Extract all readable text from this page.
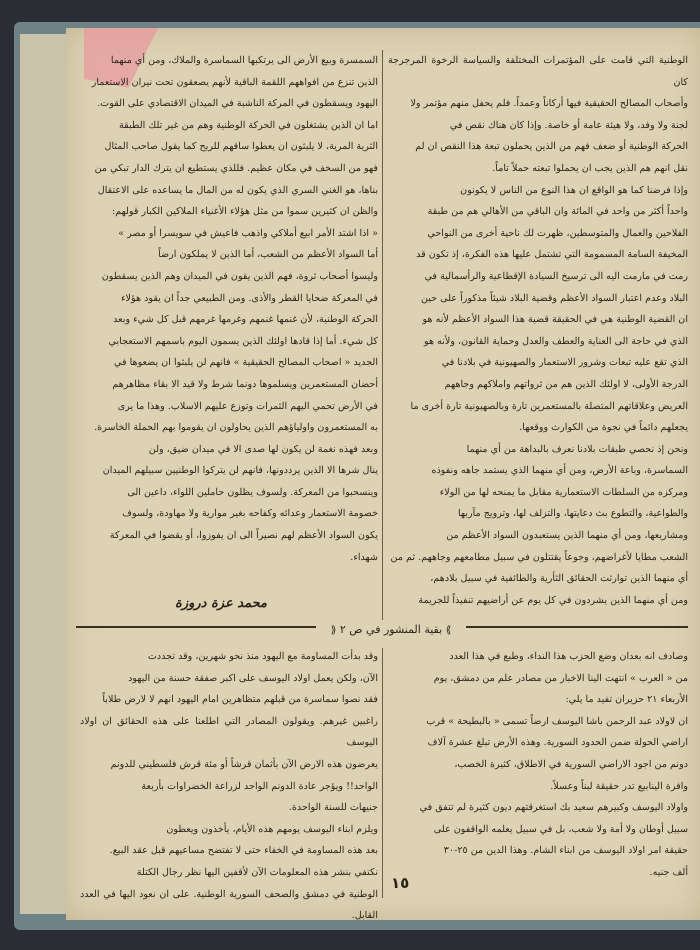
الوطنية التي قامت على المؤتمرات المختلفة والسياسة الرخوة المرجرجة كان

وأصحاب المصالح الحقيقية فيها أركاناً وعمداً. فلم يحفل منهم مؤتمر ولا

لجنة ولا وفد، ولا هيئة عامة أو خاصة. وإذا كان هناك نقص في

الحركة الوطنية أو ضعف فهم من الذين يحملون تبعة هذا النقص ان لم

نقل انهم هم الذين يجب ان يحملوا تبعته حملاً تاماً.

وإذا فرضنا كما هو الواقع ان هذا النوع من الناس لا يكونون

واحداً أكثر من واحد في المائة وان الباقي من الأهالي هم من طبقة

الفلاحين والعمال والمتوسطين، ظهرت لك ناحية أخرى من النواحي

المخيفة السامة المسمومة التي تشتمل عليها هذه الفكرة، إذ تكون قد

رمت في مارمت اليه الى ترسيخ السيادة الإقطاعية والرأسمالية في

البلاد وعدم اعتبار السواد الأعظم وقضية البلاد شيئاً مذكوراً على حين

ان القضية الوطنية هي في الحقيقة قضية هذا السواد الأعظم لأنه هو

الذي في حاجة الى العناية والعطف والعدل وحماية القانون، ولأنه هو

الذي تقع عليه تبعات وشرور الاستعمار والصهيونية في بلادنا في

الدرجة الأولى، لا اولئك الذين هم من ثرواتهم واملاكهم وجاههم

العريض وعلاقاتهم المتصلة بالمستعمرين تارة وبالصهيونية تارة أخرى ما

يجعلهم دائماً في نجوة من الكوارث ووقعها.

ونحن إذ نحصي طبقات بلادنا نعرف بالبداهة من أي منهما

السماسرة، وباعة الأرض، ومن أي منهما الذي يستمد جاهه ونفوذه

ومركزه من السلطات الاستعمارية مقابل ما يمنحه لها من الولاء

والطواعية، والتطوع بث دعايتها، والتزلف لها، وترويج مآربها

ومشاريعها، ومن أي منهما الذين يستعبدون السواد الأعظم من

الشعب مطايا لأغراضهم، وجوعاً يقتتلون في سبيل مطامعهم وجاههم. ثم من

أي منهما الذين توارثت الحقائق الثأرية والطائفية في سبيل بلادهم،

ومن أي منهما الذين يشردون في كل يوم عن أراضيهم تنفيذاً للجريمة

السمسرة وبيع الأرض الى يرتكبها السماسرة والملاك، ومن أي منهما

الذين تنزع من افواههم اللقمة الباقية لأنهم يصعقون تحت نيران الاستعمار

اليهود ويسقطون في المركة الناشبة في الميدان الاقتصادي على القوت.

اما ان الذين يشتغلون في الحركة الوطنية وهم من غير تلك الطبقة

الثرية المرية، لا يلبثون ان يعطوا ساقهم للريح كما يقول صاحب المثال

فهو من السخف في مكان عظيم. فللذي يستطيع ان يترك الدار تبكي من

بناها، هو الغني السري الذي يكون له من المال ما يساعده على الاعتقال

والظن ان كثيرين سموا من مثل هؤلاء الأغنياء الملاكين الكبار قولهم:

« اذا اشتد الأمر ابيع أملاكي واذهب فاعيش في سويسرا أو مصر »

أما السواد الأعظم من الشعب، أما الذين لا يملكون ارضاً

وليسوا أصحاب ثروة، فهم الذين يقون في الميدان وهم الذين يسقطون

في المعركة ضحايا القطر والأذى. ومن الطبيعي جداً ان يقود هؤلاء

الحركة الوطنية، لأن غنمها غنمهم وغرمها غرمهم قبل كل شيء وبعد

كل شيء. أما إذا قادها اولئك الذين يسمون اليوم باسمهم الاستعجابي

الجديد « اصحاب المصالح الحقيقية » فانهم لن يلبثوا ان يضعوها في

أحضان المستعمرين ويسلموها دونما شرط ولا قيد الا بقاء مظاهرهم

في الأرض تحمي اليهم الثمرات وتوزع عليهم الاسلاب. وهذا ما يرى

به المستعمرون واولياؤهم الذين يحاولون ان يقوموا بهم الحملة الخاسرة.

وبعد فهذه نغمة لن يكون لها صدى الا في ميدان ضيق، ولن

ينال شرها الا الذين يرددونها، فانهم لن يتركوا الوطنيين سبيلهم الميدان

وينسحبوا من المعركة. ولسوف يظلون حاملين اللواء، داعين الى

خصومة الاستعمار وعدائه وكفاحه بغير موارية ولا مهاودة، ولسوف

يكون السواد الأعظم لهم نصيراً الى ان يفوزوا، أو يقضوا في المعركة

شهداء.

محمد عزة دروزة
⟫ بقية المنشور في ص ٢ ⟪

وصادف انه بعدان وضع الحزب هذا النداء، وطبع في هذا العدد

من « العرب » انتهت الينا الاخبار من مصادر علم من دمشق، يوم

الأربعاء ٢١ حزيران تفيد ما يلي:

ان لاولاد عبد الرحمن باشا اليوسف ارضاً تسمى « بالبطيحة » قرب

اراضي الحولة ضمن الحدود السورية. وهذه الأرض تبلغ عشرة آلاف

دونم من اجود الاراضي السورية في الاطلاق، كثيرة الخصب،

وافرة الينابيع تدر حقيقة لبناً وعسلاً.

واولاد اليوسف وكبيرهم سعيد بك استغرقتهم ديون كثيرة لم تتفق في

سبيل أوطان ولا أمة ولا شعب، بل في سبيل يعلمه الواقفون على

حقيقة امر اولاد اليوسف من ابناء الشام. وهذا الدين من ٢٥-٣٠

ألف جنيه.

وقد بدأت المساومة مع اليهود منذ نحو شهرين، وقد تجددت

الآن، ولكن يعمل اولاد اليوسف على اكبر صفقة حسنة من اليهود

فقد نصوا سماسرة من قبلهم متظاهرين امام اليهود انهم لا لارض طلاباً

راغبين غيرهم. ويقولون المصادر التي اطلعنا على هذه الحقائق ان اولاد اليوسف

يعرضون هذه الارض الآن بأثمان قرشاً أو مئة قرش فلسطيني للدونم

الواحد!! ويؤجر عادة الدونم الواحد لزراعة الخضراوات بأربعة

جنيهات للسنة الواحدة.

ويلزم ابناء اليوسف يومهم هذه الأيام، يأخذون ويعطون

بعد هذه المساومة في الخفاء حتى لا تفتضح مساعيهم قبل عقد البيع.

نكتفي بنشر هذه المعلومات الآن لأقفين اليها نظر رجال الكتلة

الوطنية في دمشق والصحف السورية الوطنية. على ان نعود اليها في العدد القابل.

١٥
